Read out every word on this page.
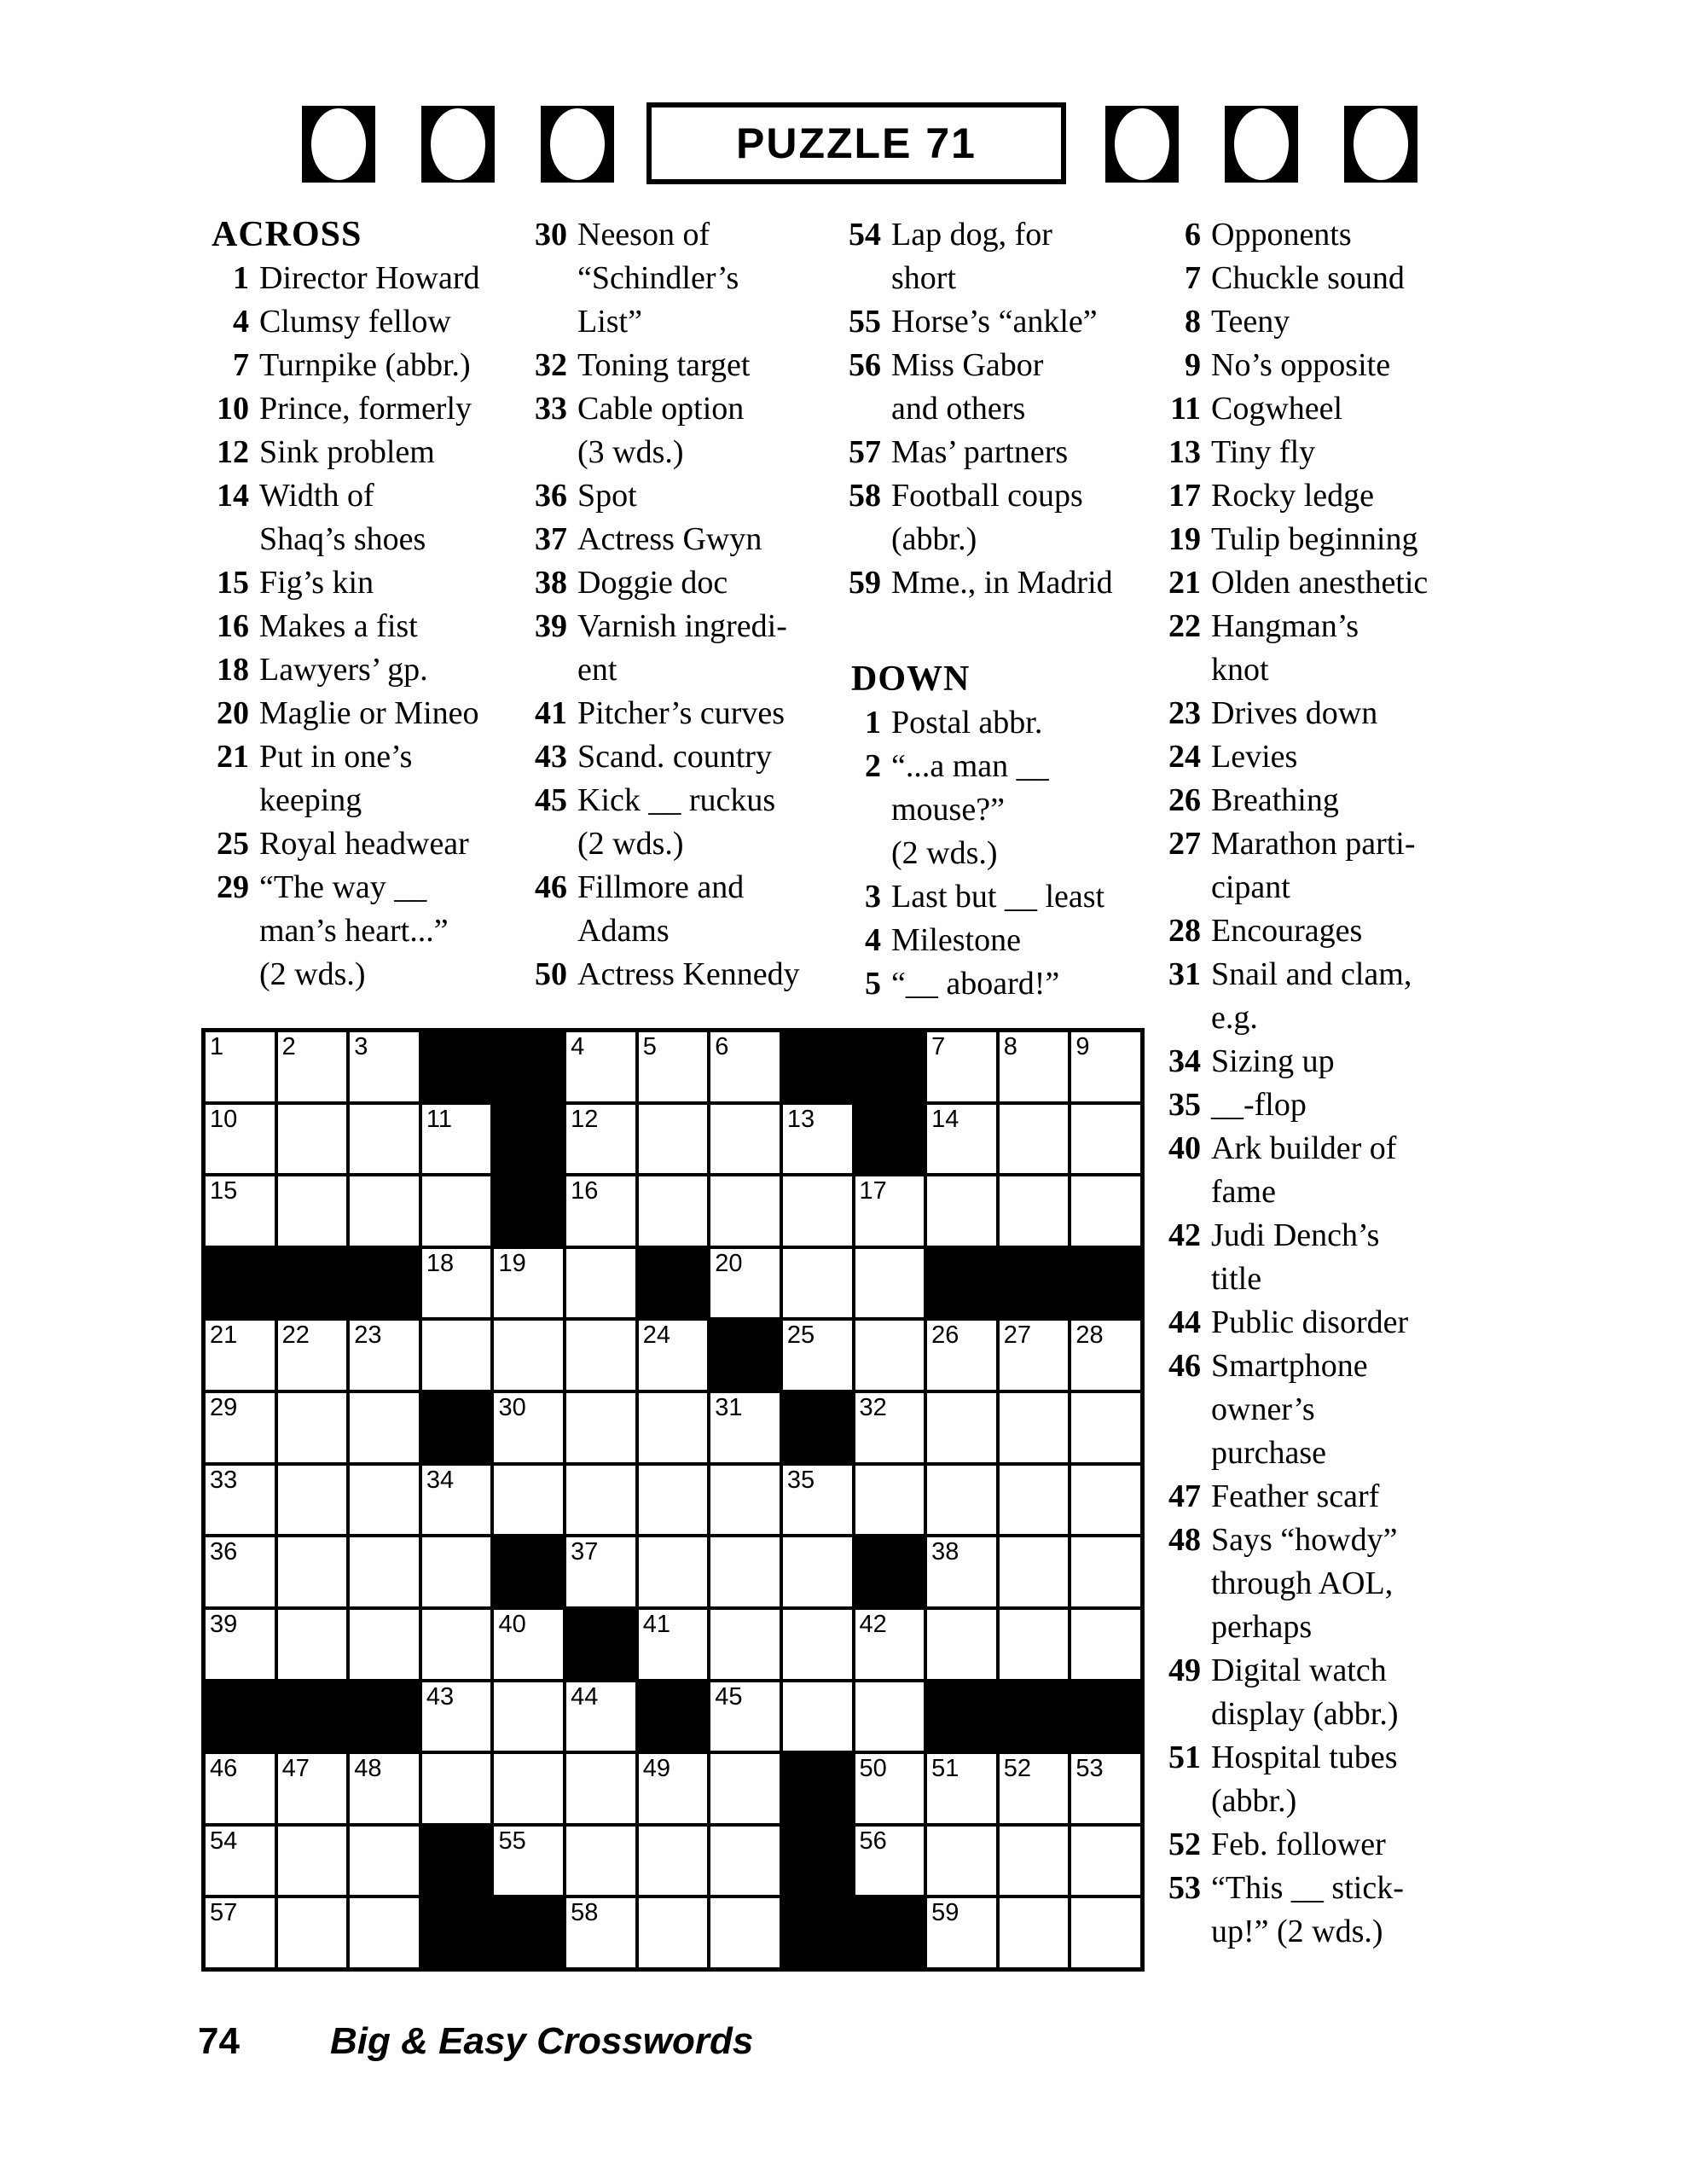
PUZZLE 71
ACROSS
1 Director Howard
4 Clumsy fellow
7 Turnpike (abbr.)
10 Prince, formerly
12 Sink problem
14 Width of
Shaq’s shoes
15 Fig’s kin
16 Makes a fist
18 Lawyers’ gp.
20 Maglie or Mineo
21 Put in one’s
keeping
25 Royal headwear
29 “The way __
man’s heart...”
(2 wds.)
30 Neeson of
“Schindler’s
List”
32 Toning target
33 Cable option
(3 wds.)
36 Spot
37 Actress Gwyn
38 Doggie doc
39 Varnish ingredi-
ent
41 Pitcher’s curves
43 Scand. country
45 Kick __ ruckus
(2 wds.)
46 Fillmore and
Adams
50 Actress Kennedy
54 Lap dog, for
short
55 Horse’s “ankle”
56 Miss Gabor
and others
57 Mas’ partners
58 Football coups
(abbr.)
59 Mme., in Madrid
DOWN
1 Postal abbr.
2 “...a man __
mouse?”
(2 wds.)
3 Last but __ least
4 Milestone
5 “__ aboard!”
6 Opponents
7 Chuckle sound
8 Teeny
9 No’s opposite
11 Cogwheel
13 Tiny fly
17 Rocky ledge
19 Tulip beginning
21 Olden anesthetic
22 Hangman’s
knot
23 Drives down
24 Levies
26 Breathing
27 Marathon parti-
cipant
28 Encourages
31 Snail and clam,
e.g.
34 Sizing up
35 __-flop
40 Ark builder of
fame
42 Judi Dench’s
title
44 Public disorder
46 Smartphone
owner’s
purchase
47 Feather scarf
48 Says “howdy”
through AOL,
perhaps
49 Digital watch
display (abbr.)
51 Hospital tubes
(abbr.)
52 Feb. follower
53 “This __ stick-
up!” (2 wds.)
1 2 3	4 5 6	7 8 9
10	11	12	13	14
15	16	17
18 19	20
21 22 23	24	25	26 27 28
29	30	31	32
33	34	35
36	37	38
39	40	41	42
43	44	45
46 47 48	49	50 51 52 53
54	55	56
57	58	59
74 Big & Easy Crosswords
